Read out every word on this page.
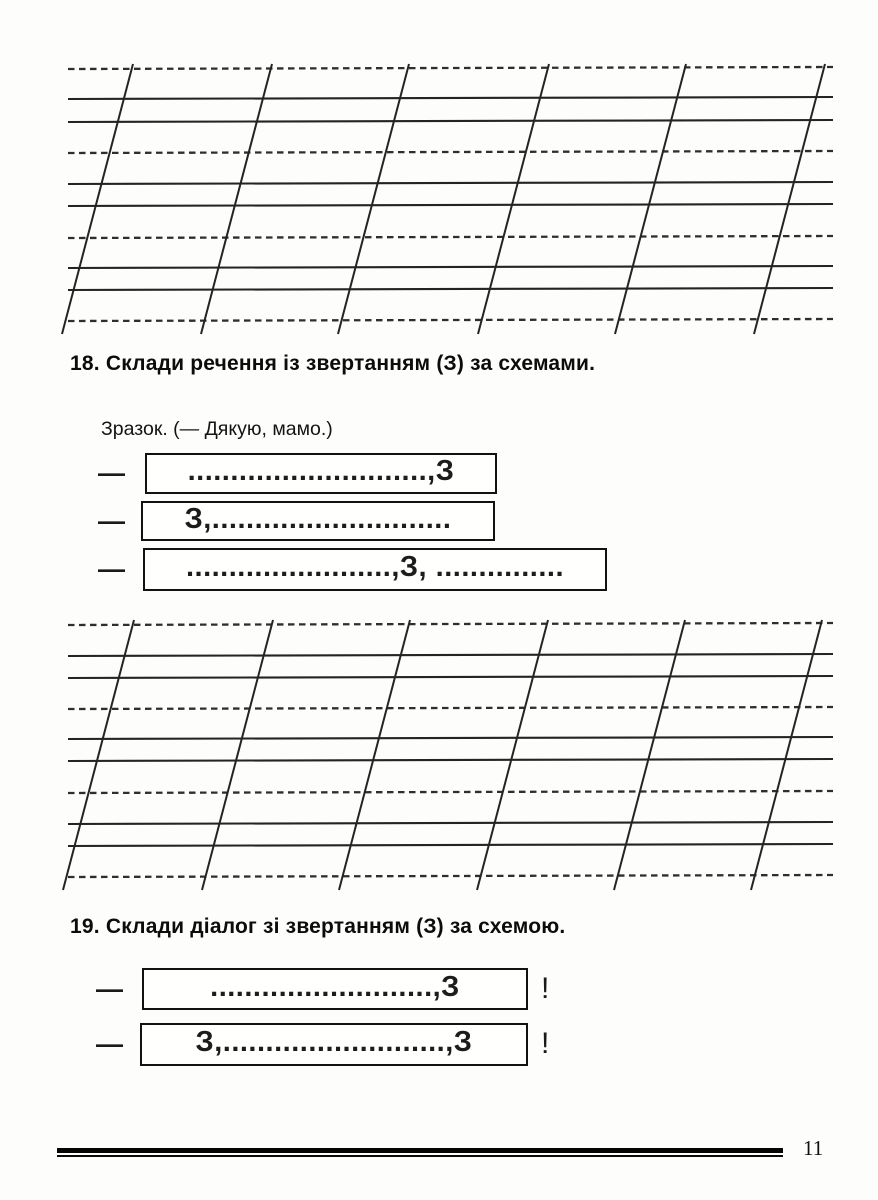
18. Склади речення із звертанням (З) за схемами.
Зразок. (— Дякую, мамо.)
— ............................,З
— З,............................
— ........................,З, ...............
19. Склади діалог зі звертанням (З) за схемою.
—	..........................,З	!
—	З,..........................,З !
11
